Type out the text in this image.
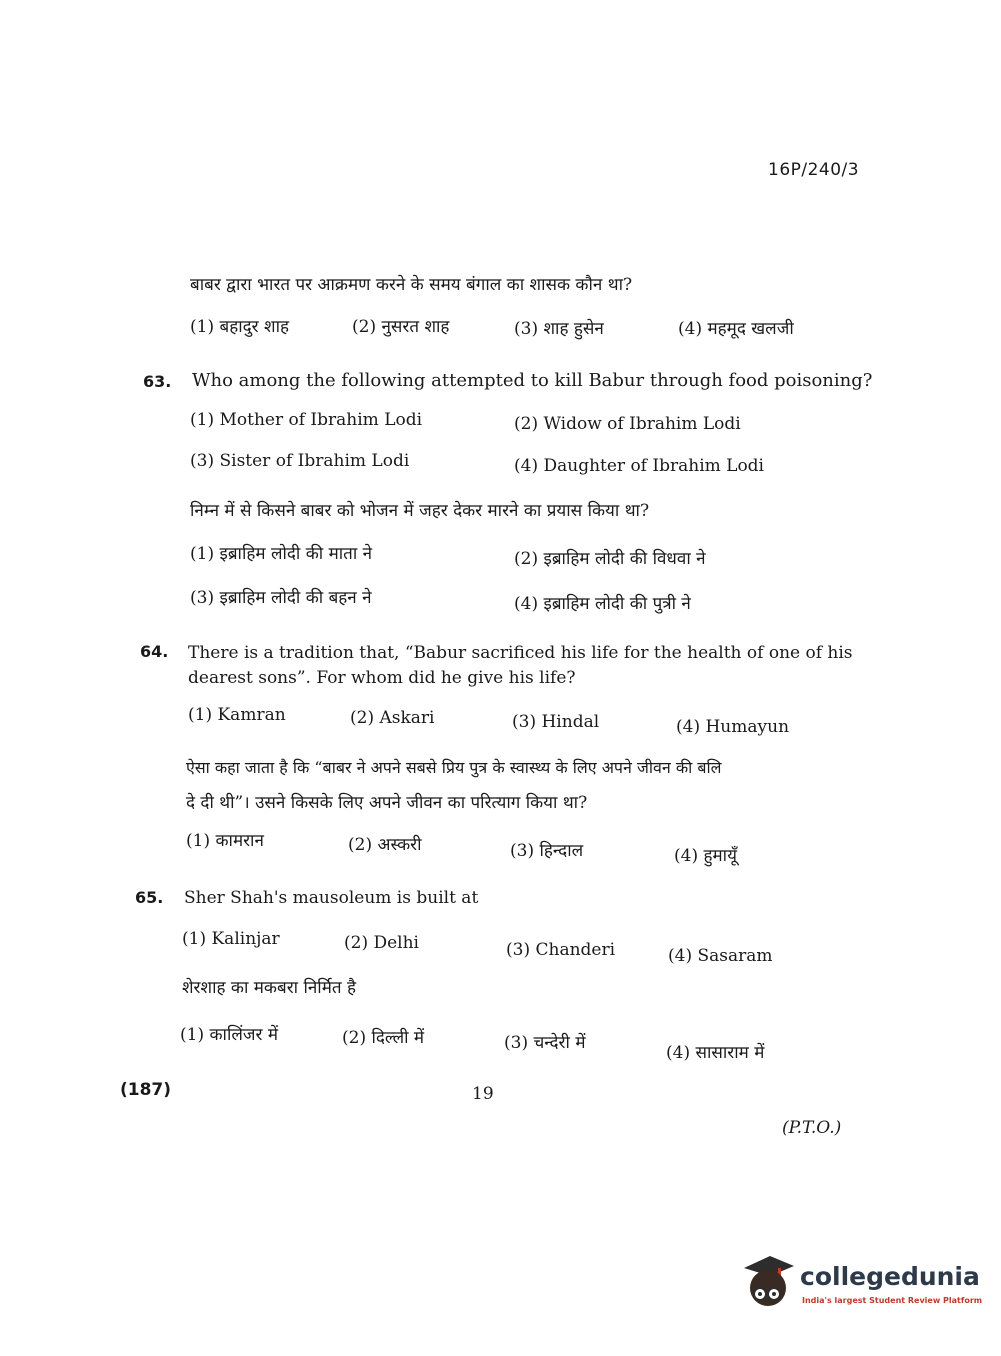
16P/240/3
बाबर द्वारा भारत पर आक्रमण करने के समय बंगाल का शासक कौन था?
(1) बहादुर शाह	(2) नुसरत शाह	(3) शाह हुसेन	(4) महमूद खलजी
63. Who among the following attempted to kill Babur through food poisoning?
(1) Mother of Ibrahim Lodi	(2) Widow of Ibrahim Lodi
(3) Sister of Ibrahim Lodi	(4) Daughter of Ibrahim Lodi
निम्न में से किसने बाबर को भोजन में जहर देकर मारने का प्रयास किया था?
(1) इब्राहिम लोदी की माता ने	(2) इब्राहिम लोदी की विधवा ने
(3) इब्राहिम लोदी की बहन ने	(4) इब्राहिम लोदी की पुत्री ने
64. There is a tradition that, “Babur sacrificed his life for the health of one of his
dearest sons”. For whom did he give his life?
(1) Kamran	(2) Askari	(3) Hindal	(4) Humayun
ऐसा कहा जाता है कि “बाबर ने अपने सबसे प्रिय पुत्र के स्वास्थ्य के लिए अपने जीवन की बलि
दे दी थी”। उसने किसके लिए अपने जीवन का परित्याग किया था?
(1) कामरान	(2) अस्करी	(3) हिन्दाल	(4) हुमायूँ
65. Sher Shah's mausoleum is built at
(1) Kalinjar	(2) Delhi	(3) Chanderi	(4) Sasaram
शेरशाह का मकबरा निर्मित है
(1) कालिंजर में	(2) दिल्ली में	(3) चन्देरी में	(4) सासाराम में
(187)	19
(P.T.O.)
collegedunia
India's largest Student Review Platform
